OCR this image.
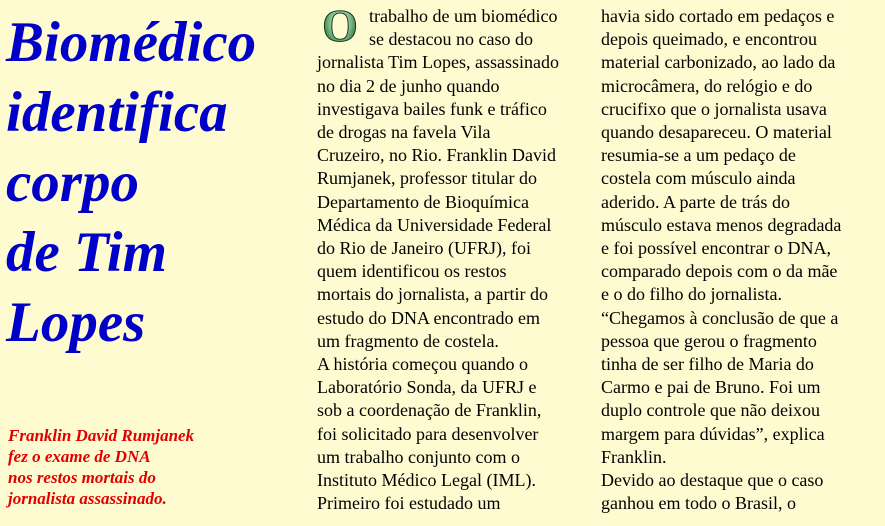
Biomédico
identifica
corpo
de Tim
Lopes
Franklin David Rumjanek
fez o exame de DNA
nos restos mortais do
jornalista assassinado.
O trabalho de um biomédico
se destacou no caso do
jornalista Tim Lopes, assassinado
no dia 2 de junho quando
investigava bailes funk e tráfico
de drogas na favela Vila
Cruzeiro, no Rio. Franklin David
Rumjanek, professor titular do
Departamento de Bioquímica
Médica da Universidade Federal
do Rio de Janeiro (UFRJ), foi
quem identificou os restos
mortais do jornalista, a partir do
estudo do DNA encontrado em
um fragmento de costela.
A história começou quando o
Laboratório Sonda, da UFRJ e
sob a coordenação de Franklin,
foi solicitado para desenvolver
um trabalho conjunto com o
Instituto Médico Legal (IML).
Primeiro foi estudado um
havia sido cortado em pedaços e
depois queimado, e encontrou
material carbonizado, ao lado da
microcâmera, do relógio e do
crucifixo que o jornalista usava
quando desapareceu. O material
resumia-se a um pedaço de
costela com músculo ainda
aderido. A parte de trás do
músculo estava menos degradada
e foi possível encontrar o DNA,
comparado depois com o da mãe
e o do filho do jornalista.
“Chegamos à conclusão de que a
pessoa que gerou o fragmento
tinha de ser filho de Maria do
Carmo e pai de Bruno. Foi um
duplo controle que não deixou
margem para dúvidas”, explica
Franklin.
Devido ao destaque que o caso
ganhou em todo o Brasil, o
